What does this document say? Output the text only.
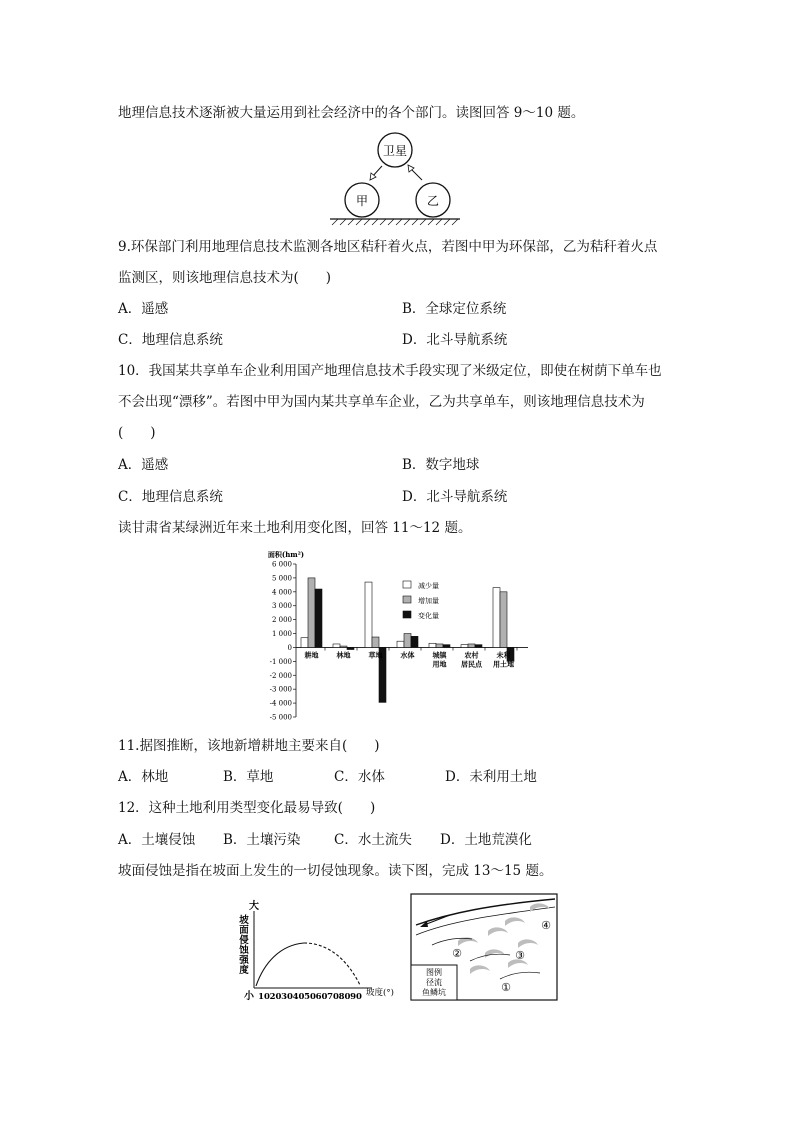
地理信息技术逐渐被大量运用到社会经济中的各个部门。读图回答 9～10 题。
卫星
甲	乙
9.环保部门利用地理信息技术监测各地区秸秆着火点，若图中甲为环保部，乙为秸秆着火点
监测区，则该地理信息技术为(　　)
A．遥感	B．全球定位系统
C．地理信息系统	D．北斗导航系统
10．我国某共享单车企业利用国产地理信息技术手段实现了米级定位，即使在树荫下单车也
不会出现“漂移”。若图中甲为国内某共享单车企业，乙为共享单车，则该地理信息技术为
(　　)
A．遥感	B．数字地球
C．地理信息系统	D．北斗导航系统
读甘肃省某绿洲近年来土地利用变化图，回答 11～12 题。
面积(hm²)
6 000
5 000
4 000
3 000
2 000
1 000
0
-1 000
-2 000
-3 000
-4 000
-5 000
耕地	林地	草地	水体	城镇
用地
农村
居民点
未利
用土地
减少量
增加量
变化量
11.据图推断，该地新增耕地主要来自(　　)
A．林地	B．草地	C．水体	D．未利用土地
12．这种土地利用类型变化最易导致(　　)
A．土壤侵蚀 B．土壤污染 C．水土流失 D．土地荒漠化
坡面侵蚀是指在坡面上发生的一切侵蚀现象。读下图，完成 13～15 题。
大
小
坡
面
侵
蚀
强
度
10 20 30 40 50 60 70 80 90 坡度(°)
④
②	③
①
图例
径流
鱼鳞坑
